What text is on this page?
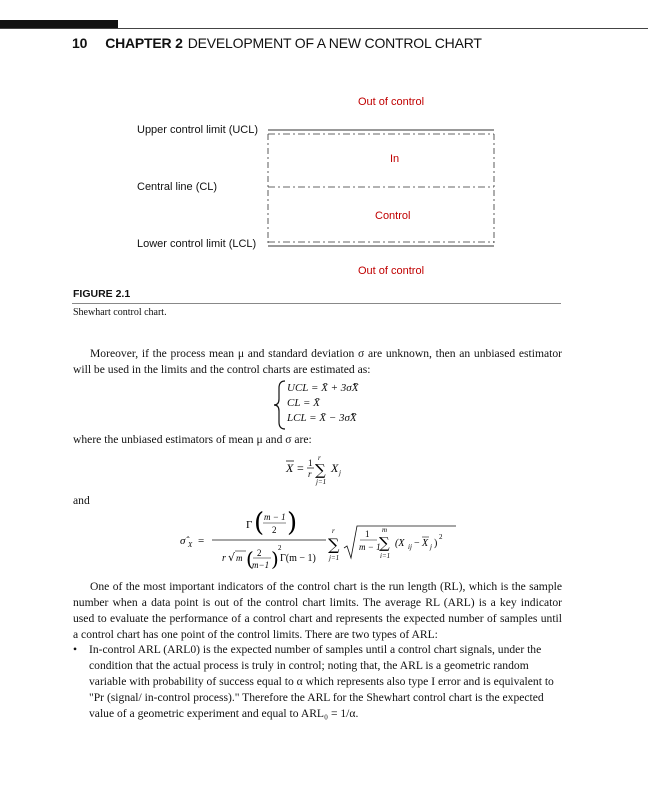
10 CHAPTER 2 DEVELOPMENT OF A NEW CONTROL CHART
Upper control limit (UCL)
Central line (CL)
Lower control limit (LCL)
Out of control
In
Control
Out of control
FIGURE 2.1
Shewhart control chart.
Moreover, if the process mean μ and standard deviation σ are unknown, then an unbiased estimator will be used in the limits and the control charts are estimated as:
UCL = X̄ + 3σ̂X̄
CL = X̄
LCL = X̄ − 3σ̂X̄
where the unbiased estimators of mean μ and σ are:
X = 1
r ∑
r
j=1
X j
and
σ̂ X =
Γ ( m − 1
2 )
r √ m ( 2
m−1 ) 2
Γ(m − 1)
∑
r
j=1
1
m − 1
∑
m
i=1
(X ij − X j )
2
One of the most important indicators of the control chart is the run length (RL), which is the sample number when a data point is out of the control chart limits. The average RL (ARL) is a key indicator used to evaluate the performance of a control chart and represents the expected number of samples until a control chart has one point of the control limits. There are two types of ARL:
• In-control ARL (ARL0) is the expected number of samples until a control chart signals, under the condition that the actual process is truly in control; noting that, the ARL is a geometric random variable with probability of success equal to α which represents also type I error and is equivalent to "Pr (signal/ in-control process)." Therefore the ARL for the Shewhart control chart is the expected value of a geometric experiment and equal to ARL₀ = 1/α.
